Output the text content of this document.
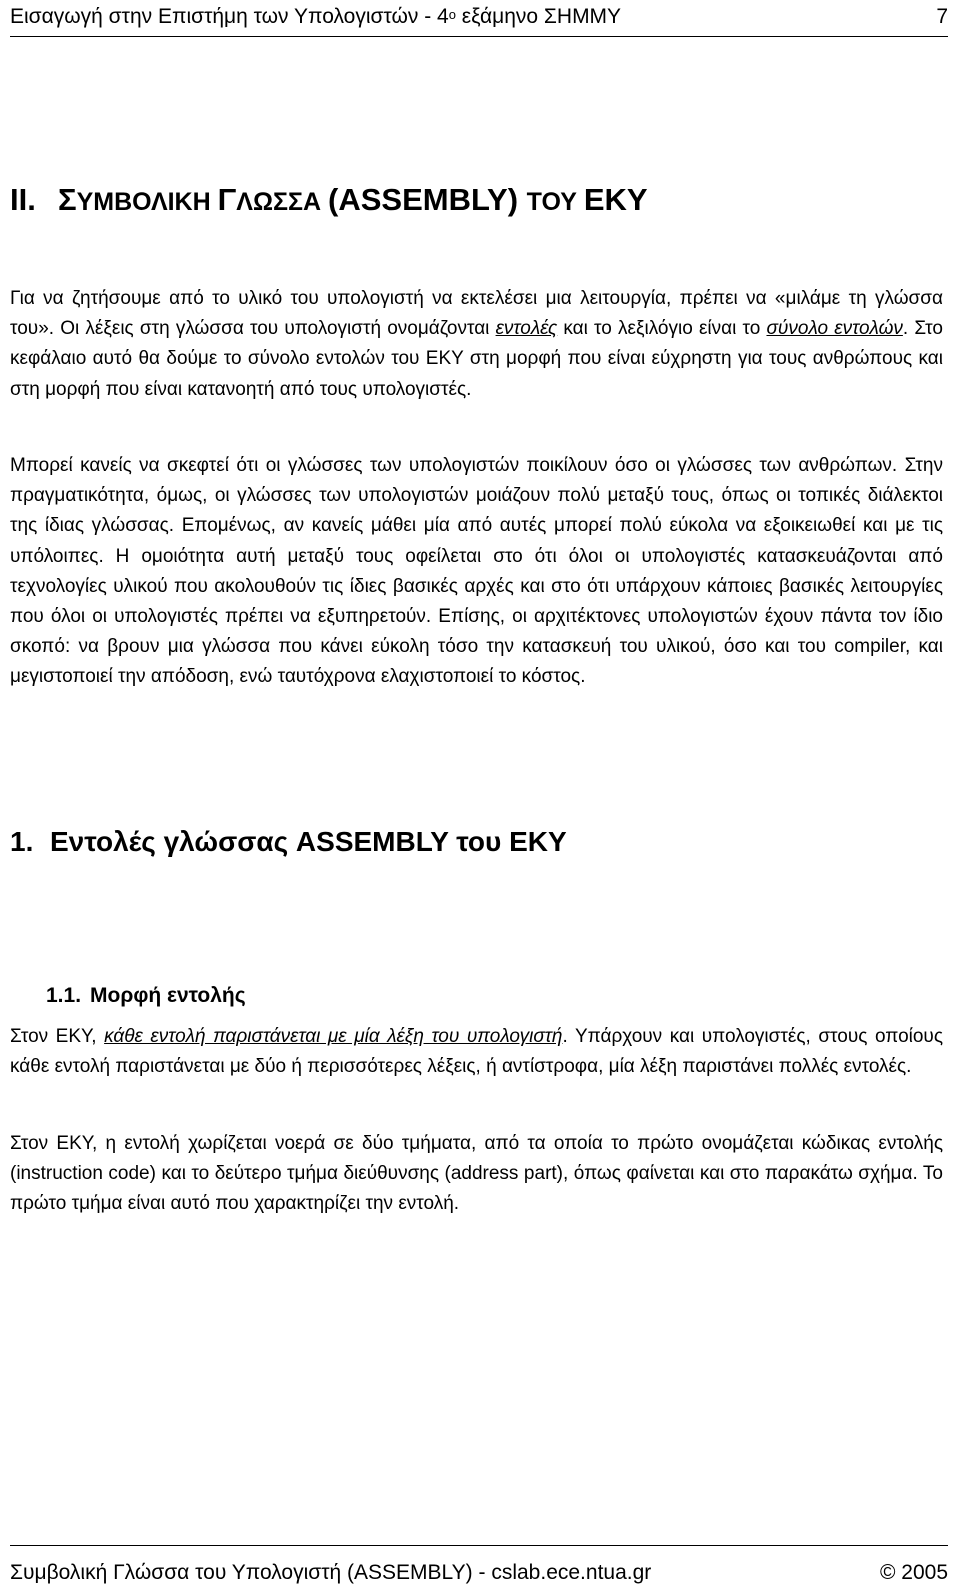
Εισαγωγή στην Επιστήμη των Υπολογιστών - $4^o$ εξάμηνο ΣΗΜΜΥ	7
II. ΣΥΜΒΟΛΙΚΗ ΓΛΩΣΣΑ (ASSEMBLY) ΤΟΥ ΕΚΥ

Για να ζητήσουμε από το υλικό του υπολογιστή να εκτελέσει μια λειτουργία, πρέπει να «μιλάμε τη γλώσσα του». Οι λέξεις στη γλώσσα του υπολογιστή ονομάζονται εντολές και το λεξιλόγιο είναι το σύνολο εντολών. Στο κεφάλαιο αυτό θα δούμε το σύνολο εντολών του ΕΚΥ στη μορφή που είναι εύχρηστη για τους ανθρώπους και στη μορφή που είναι κατανοητή από τους υπολογιστές.

Μπορεί κανείς να σκεφτεί ότι οι γλώσσες των υπολογιστών ποικίλουν όσο οι γλώσσες των ανθρώπων. Στην πραγματικότητα, όμως, οι γλώσσες των υπολογιστών μοιάζουν πολύ μεταξύ τους, όπως οι τοπικές διάλεκτοι της ίδιας γλώσσας. Επομένως, αν κανείς μάθει μία από αυτές μπορεί πολύ εύκολα να εξοικειωθεί και με τις υπόλοιπες. Η ομοιότητα αυτή μεταξύ τους οφείλεται στο ότι όλοι οι υπολογιστές κατασκευάζονται από τεχνολογίες υλικού που ακολουθούν τις ίδιες βασικές αρχές και στο ότι υπάρχουν κάποιες βασικές λειτουργίες που όλοι οι υπολογιστές πρέπει να εξυπηρετούν. Επίσης, οι αρχιτέκτονες υπολογιστών έχουν πάντα τον ίδιο σκοπό: να βρουν μια γλώσσα που κάνει εύκολη τόσο την κατασκευή του υλικού, όσο και του compiler, και μεγιστοποιεί την απόδοση, ενώ ταυτόχρονα ελαχιστοποιεί το κόστος.

1. Εντολές γλώσσας ASSEMBLY του ΕΚΥ
1.1. Μορφή εντολής

Στον ΕΚΥ, κάθε εντολή παριστάνεται με μία λέξη του υπολογιστή. Υπάρχουν και υπολογιστές, στους οποίους κάθε εντολή παριστάνεται με δύο ή περισσότερες λέξεις, ή αντίστροφα, μία λέξη παριστάνει πολλές εντολές.

Στον ΕΚΥ, η εντολή χωρίζεται νοερά σε δύο τμήματα, από τα οποία το πρώτο ονομάζεται κώδικας εντολής (instruction code) και το δεύτερο τμήμα διεύθυνσης (address part), όπως φαίνεται και στο παρακάτω σχήμα. Το πρώτο τμήμα είναι αυτό που χαρακτηρίζει την εντολή.

Συμβολική Γλώσσα του Υπολογιστή (ASSEMBLY) - cslab.ece.ntua.gr	© 2005
